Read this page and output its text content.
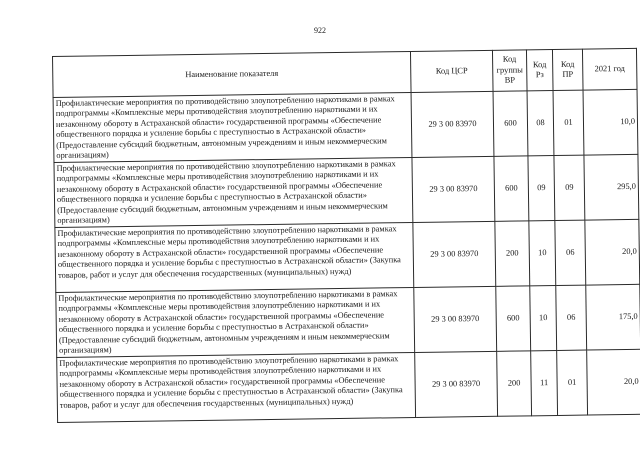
922
Наименование показателя	Код ЦСР	Код группы ВР	Код Рз	Код ПР	2021 год
Профилактические мероприятия по противодействию злоупотреблению наркотиками в рамках подпрограммы «Комплексные меры противодействия злоупотреблению наркотиками и их незаконному обороту в Астраханской области» государственной программы «Обеспечение общественного порядка и усиление борьбы с преступностью в Астраханской области» (Предоставление субсидий бюджетным, автономным учреждениям и иным некоммерческим организациям)	29 3 00 83970	600	08	01	10,0
Профилактические мероприятия по противодействию злоупотреблению наркотиками в рамках подпрограммы «Комплексные меры противодействия злоупотреблению наркотиками и их незаконному обороту в Астраханской области» государственной программы «Обеспечение общественного порядка и усиление борьбы с преступностью в Астраханской области» (Предоставление субсидий бюджетным, автономным учреждениям и иным некоммерческим организациям)	29 3 00 83970	600	09	09	295,0
Профилактические мероприятия по противодействию злоупотреблению наркотиками в рамках подпрограммы «Комплексные меры противодействия злоупотреблению наркотиками и их незаконному обороту в Астраханской области» государственной программы «Обеспечение общественного порядка и усиление борьбы с преступностью в Астраханской области» (Закупка товаров, работ и услуг для обеспечения государственных (муниципальных) нужд)	29 3 00 83970	200	10	06	20,0
Профилактические мероприятия по противодействию злоупотреблению наркотиками в рамках подпрограммы «Комплексные меры противодействия злоупотреблению наркотиками и их незаконному обороту в Астраханской области» государственной программы «Обеспечение общественного порядка и усиление борьбы с преступностью в Астраханской области» (Предоставление субсидий бюджетным, автономным учреждениям и иным некоммерческим организациям)	29 3 00 83970	600	10	06	175,0
Профилактические мероприятия по противодействию злоупотреблению наркотиками в рамках подпрограммы «Комплексные меры противодействия злоупотреблению наркотиками и их незаконному обороту в Астраханской области» государственной программы «Обеспечение общественного порядка и усиление борьбы с преступностью в Астраханской области» (Закупка товаров, работ и услуг для обеспечения государственных (муниципальных) нужд)	29 3 00 83970	200	11	01	20,0
